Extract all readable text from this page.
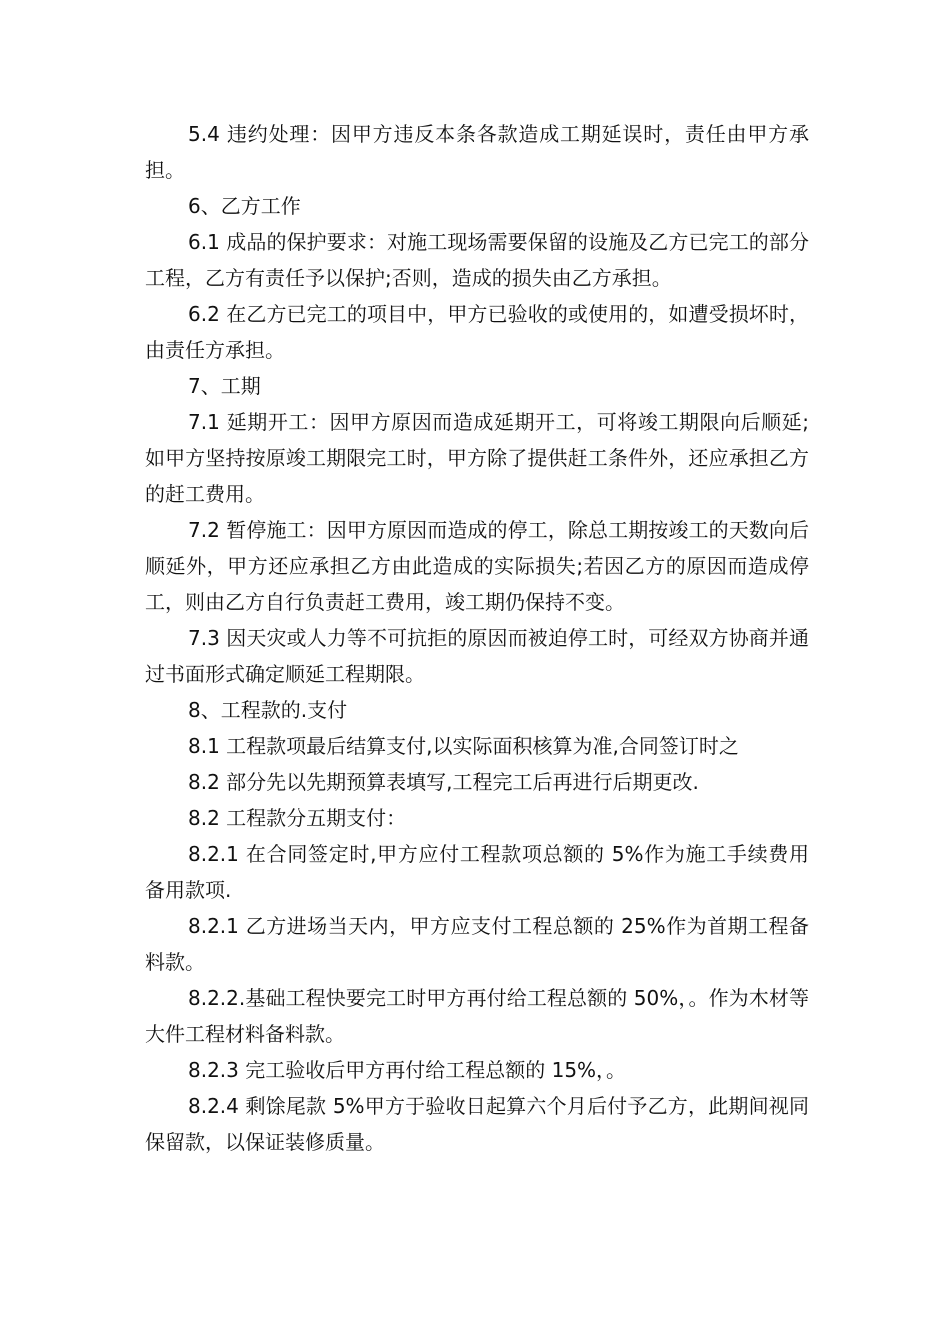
5.4 违约处理：因甲方违反本条各款造成工期延误时，责任由甲方承担。

6、乙方工作

6.1 成品的保护要求：对施工现场需要保留的设施及乙方已完工的部分工程，乙方有责任予以保护;否则，造成的损失由乙方承担。

6.2 在乙方已完工的项目中，甲方已验收的或使用的，如遭受损坏时，由责任方承担。

7、工期

7.1 延期开工：因甲方原因而造成延期开工，可将竣工期限向后顺延;如甲方坚持按原竣工期限完工时，甲方除了提供赶工条件外，还应承担乙方的赶工费用。

7.2 暂停施工：因甲方原因而造成的停工，除总工期按竣工的天数向后顺延外，甲方还应承担乙方由此造成的实际损失;若因乙方的原因而造成停工，则由乙方自行负责赶工费用，竣工期仍保持不变。

7.3 因天灾或人力等不可抗拒的原因而被迫停工时，可经双方协商并通过书面形式确定顺延工程期限。

8、工程款的.支付

8.1 工程款项最后结算支付,以实际面积核算为准,合同签订时之

8.2 部分先以先期预算表填写,工程完工后再进行后期更改.

8.2 工程款分五期支付：

8.2.1 在合同签定时,甲方应付工程款项总额的 5%作为施工手续费用备用款项.

8.2.1 乙方进场当天内，甲方应支付工程总额的 25%作为首期工程备料款。

8.2.2.基础工程快要完工时甲方再付给工程总额的 50%，。作为木材等大件工程材料备料款。

8.2.3 完工验收后甲方再付给工程总额的 15%，。

8.2.4 剩馀尾款 5%甲方于验收日起算六个月后付予乙方，此期间视同保留款，以保证装修质量。
